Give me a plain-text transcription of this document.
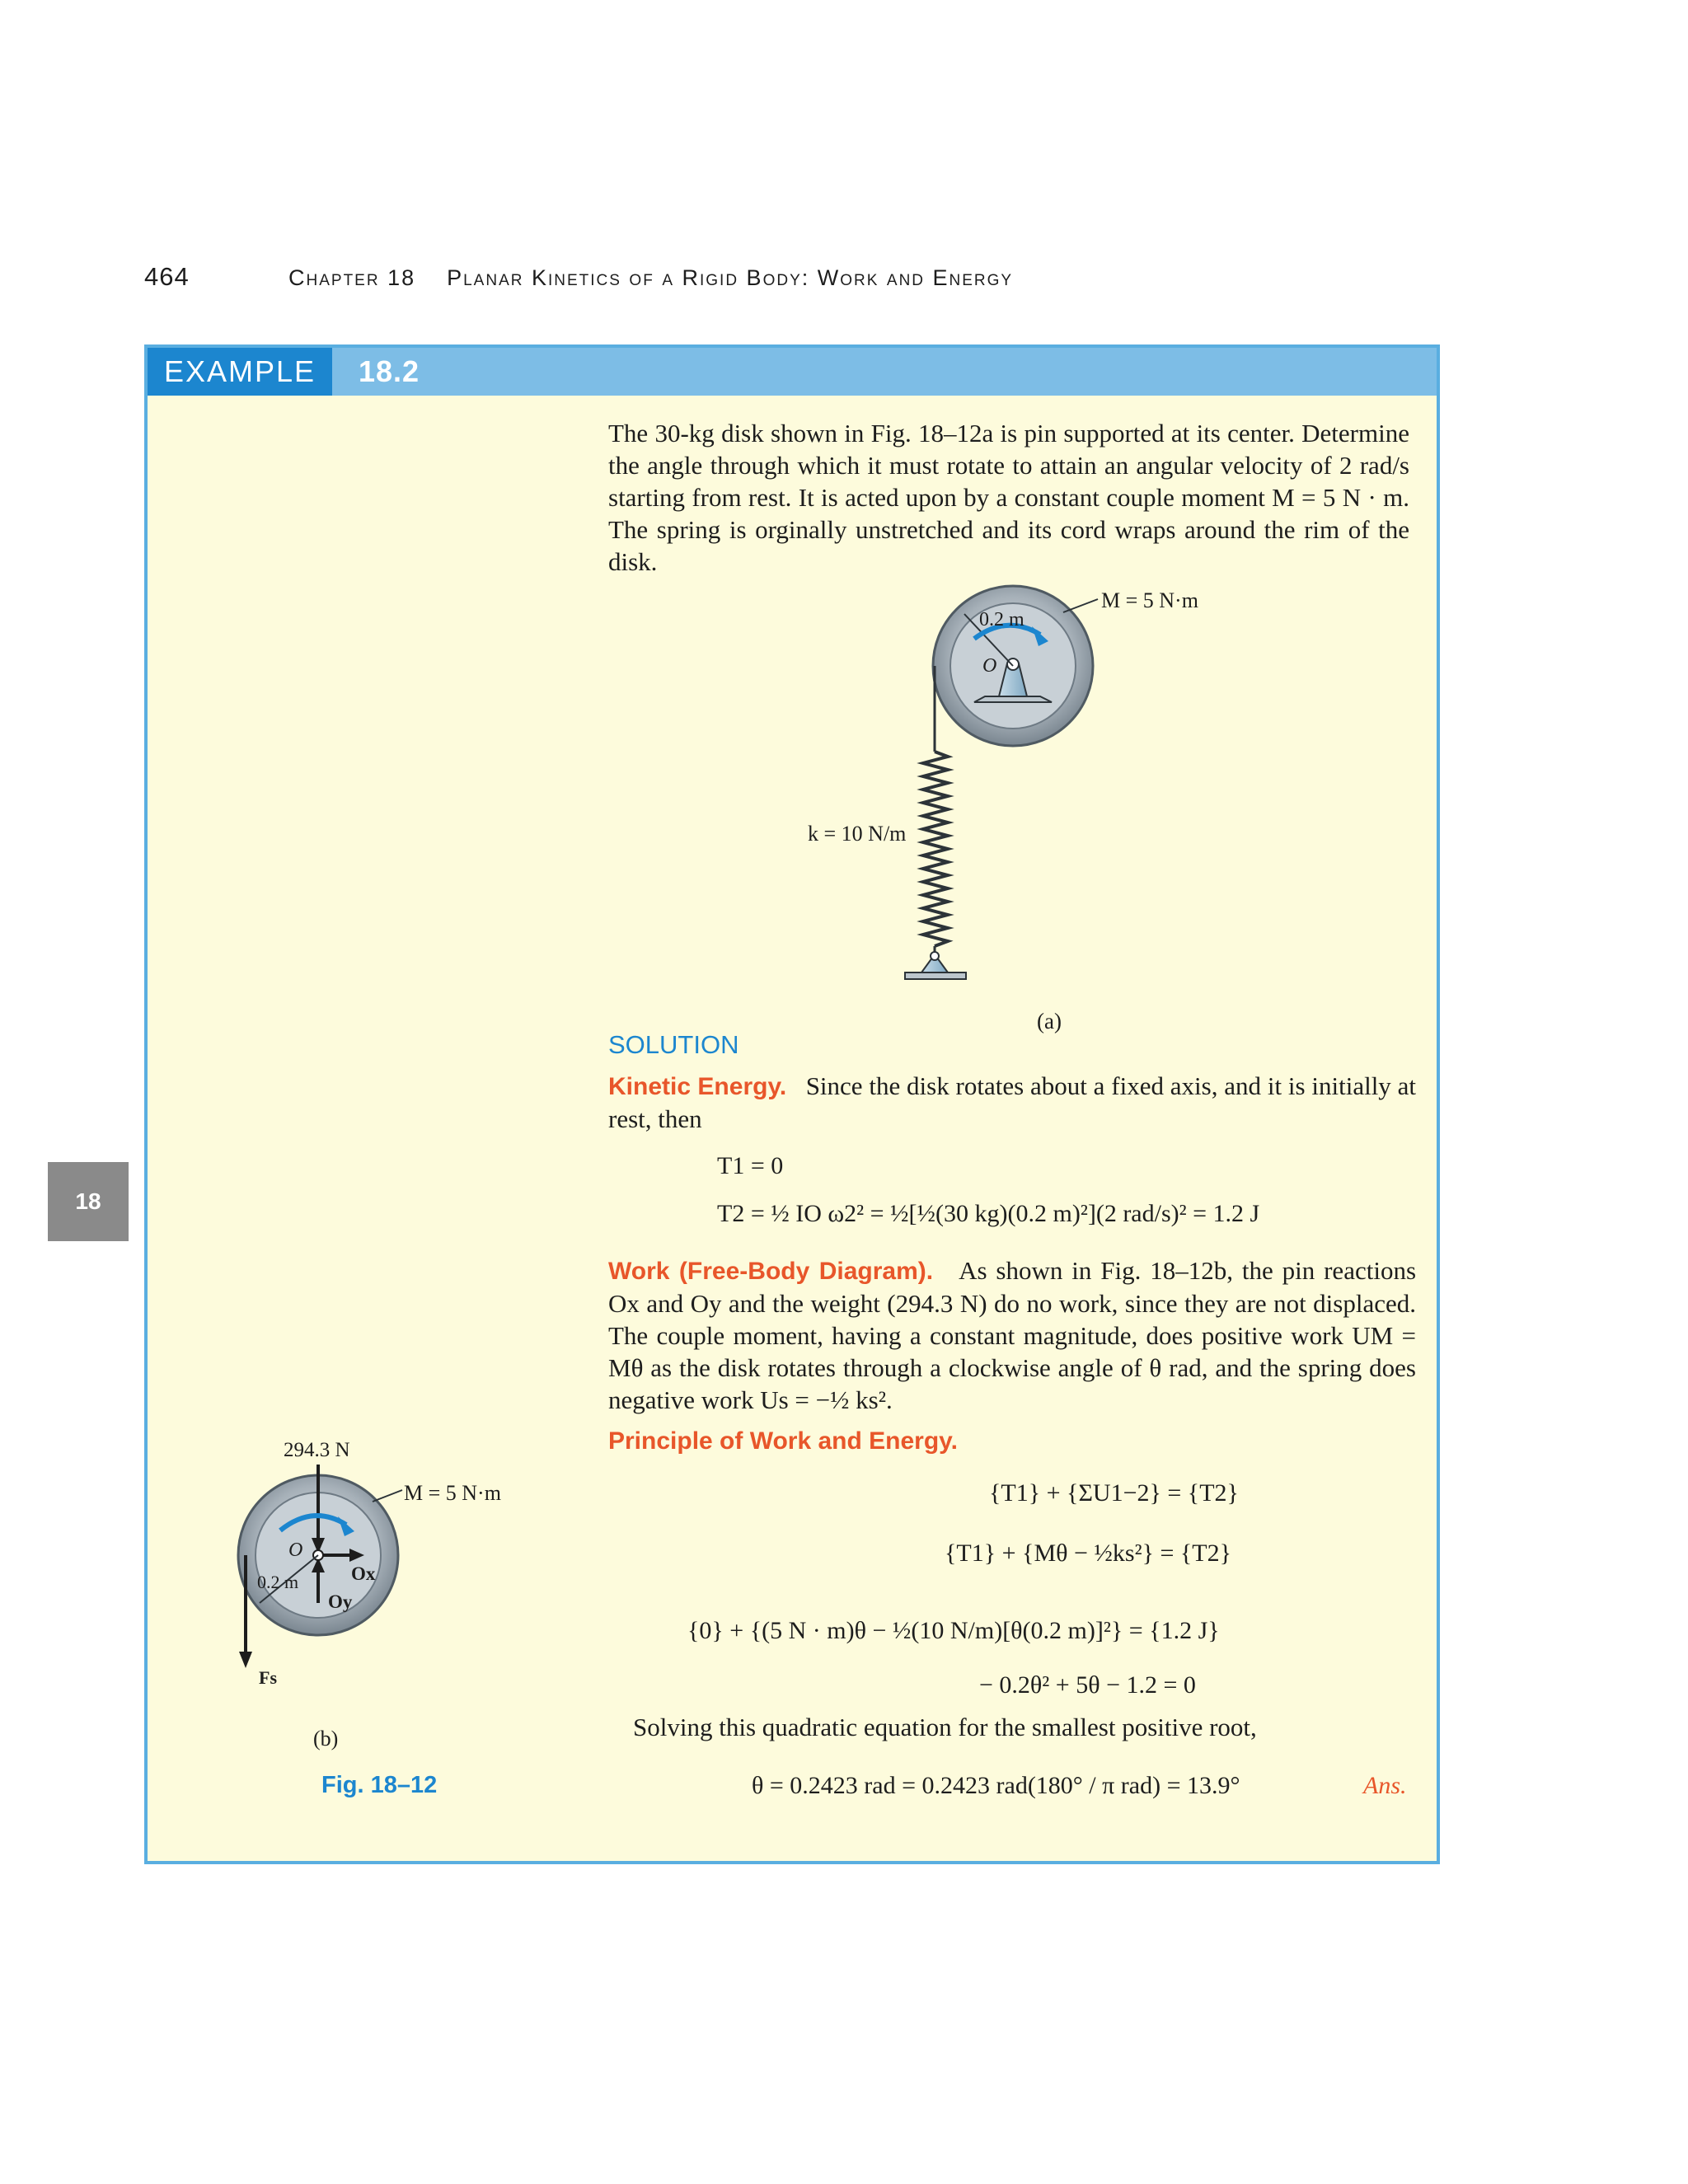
464	Chapter 18 Planar Kinetics of a Rigid Body: Work and Energy
18
EXAMPLE	18.2
The 30-kg disk shown in Fig. 18–12a is pin supported at its center. Determine the angle through which it must rotate to attain an angular velocity of 2 rad/s starting from rest. It is acted upon by a constant couple moment M = 5 N · m. The spring is orginally unstretched and its cord wraps around the rim of the disk.
0.2 m
O
M = 5 N·m
k = 10 N/m
(a)
294.3 N
M = 5 N·m
O
0.2 m	Ox
Oy
Fs
(b)
Fig. 18–12
SOLUTION
Kinetic Energy. Since the disk rotates about a fixed axis, and it is initially at rest, then
T1 = 0
T2 = ½ IO ω2² = ½[½(30 kg)(0.2 m)²](2 rad/s)² = 1.2 J
Work (Free-Body Diagram). As shown in Fig. 18–12b, the pin reactions Ox and Oy and the weight (294.3 N) do no work, since they are not displaced. The couple moment, having a constant magnitude, does positive work UM = Mθ as the disk rotates through a clockwise angle of θ rad, and the spring does negative work Us = −½ ks².
Principle of Work and Energy.
{T1} + {ΣU1−2} = {T2}
{T1} + {Mθ − ½ks²} = {T2}
{0} + {(5 N · m)θ − ½(10 N/m)[θ(0.2 m)]²} = {1.2 J}
− 0.2θ² + 5θ − 1.2 = 0
Solving this quadratic equation for the smallest positive root,
θ = 0.2423 rad = 0.2423 rad(180° / π rad) = 13.9°	Ans.
